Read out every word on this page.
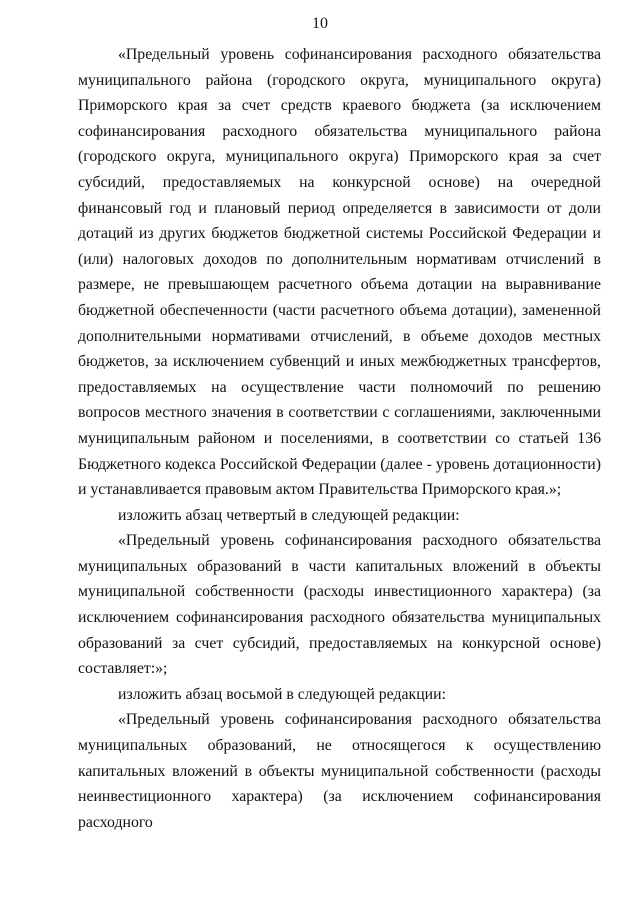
10

«Предельный уровень софинансирования расходного обязательства муниципального района (городского округа, муниципального округа) Приморского края за счет средств краевого бюджета (за исключением софинансирования расходного обязательства муниципального района (городского округа, муниципального округа) Приморского края за счет субсидий, предоставляемых на конкурсной основе) на очередной финансовый год и плановый период определяется в зависимости от доли дотаций из других бюджетов бюджетной системы Российской Федерации и (или) налоговых доходов по дополнительным нормативам отчислений в размере, не превышающем расчетного объема дотации на выравнивание бюджетной обеспеченности (части расчетного объема дотации), замененной дополнительными нормативами отчислений, в объеме доходов местных бюджетов, за исключением субвенций и иных межбюджетных трансфертов, предоставляемых на осуществление части полномочий по решению вопросов местного значения в соответствии с соглашениями, заключенными муниципальным районом и поселениями, в соответствии со статьей 136 Бюджетного кодекса Российской Федерации (далее - уровень дотационности) и устанавливается правовым актом Правительства Приморского края.»;

изложить абзац четвертый в следующей редакции:

«Предельный уровень софинансирования расходного обязательства муниципальных образований в части капитальных вложений в объекты муниципальной собственности (расходы инвестиционного характера) (за исключением софинансирования расходного обязательства муниципальных образований за счет субсидий, предоставляемых на конкурсной основе) составляет:»;

изложить абзац восьмой в следующей редакции:

«Предельный уровень софинансирования расходного обязательства муниципальных образований, не относящегося к осуществлению капитальных вложений в объекты муниципальной собственности (расходы неинвестиционного характера) (за исключением софинансирования расходного
